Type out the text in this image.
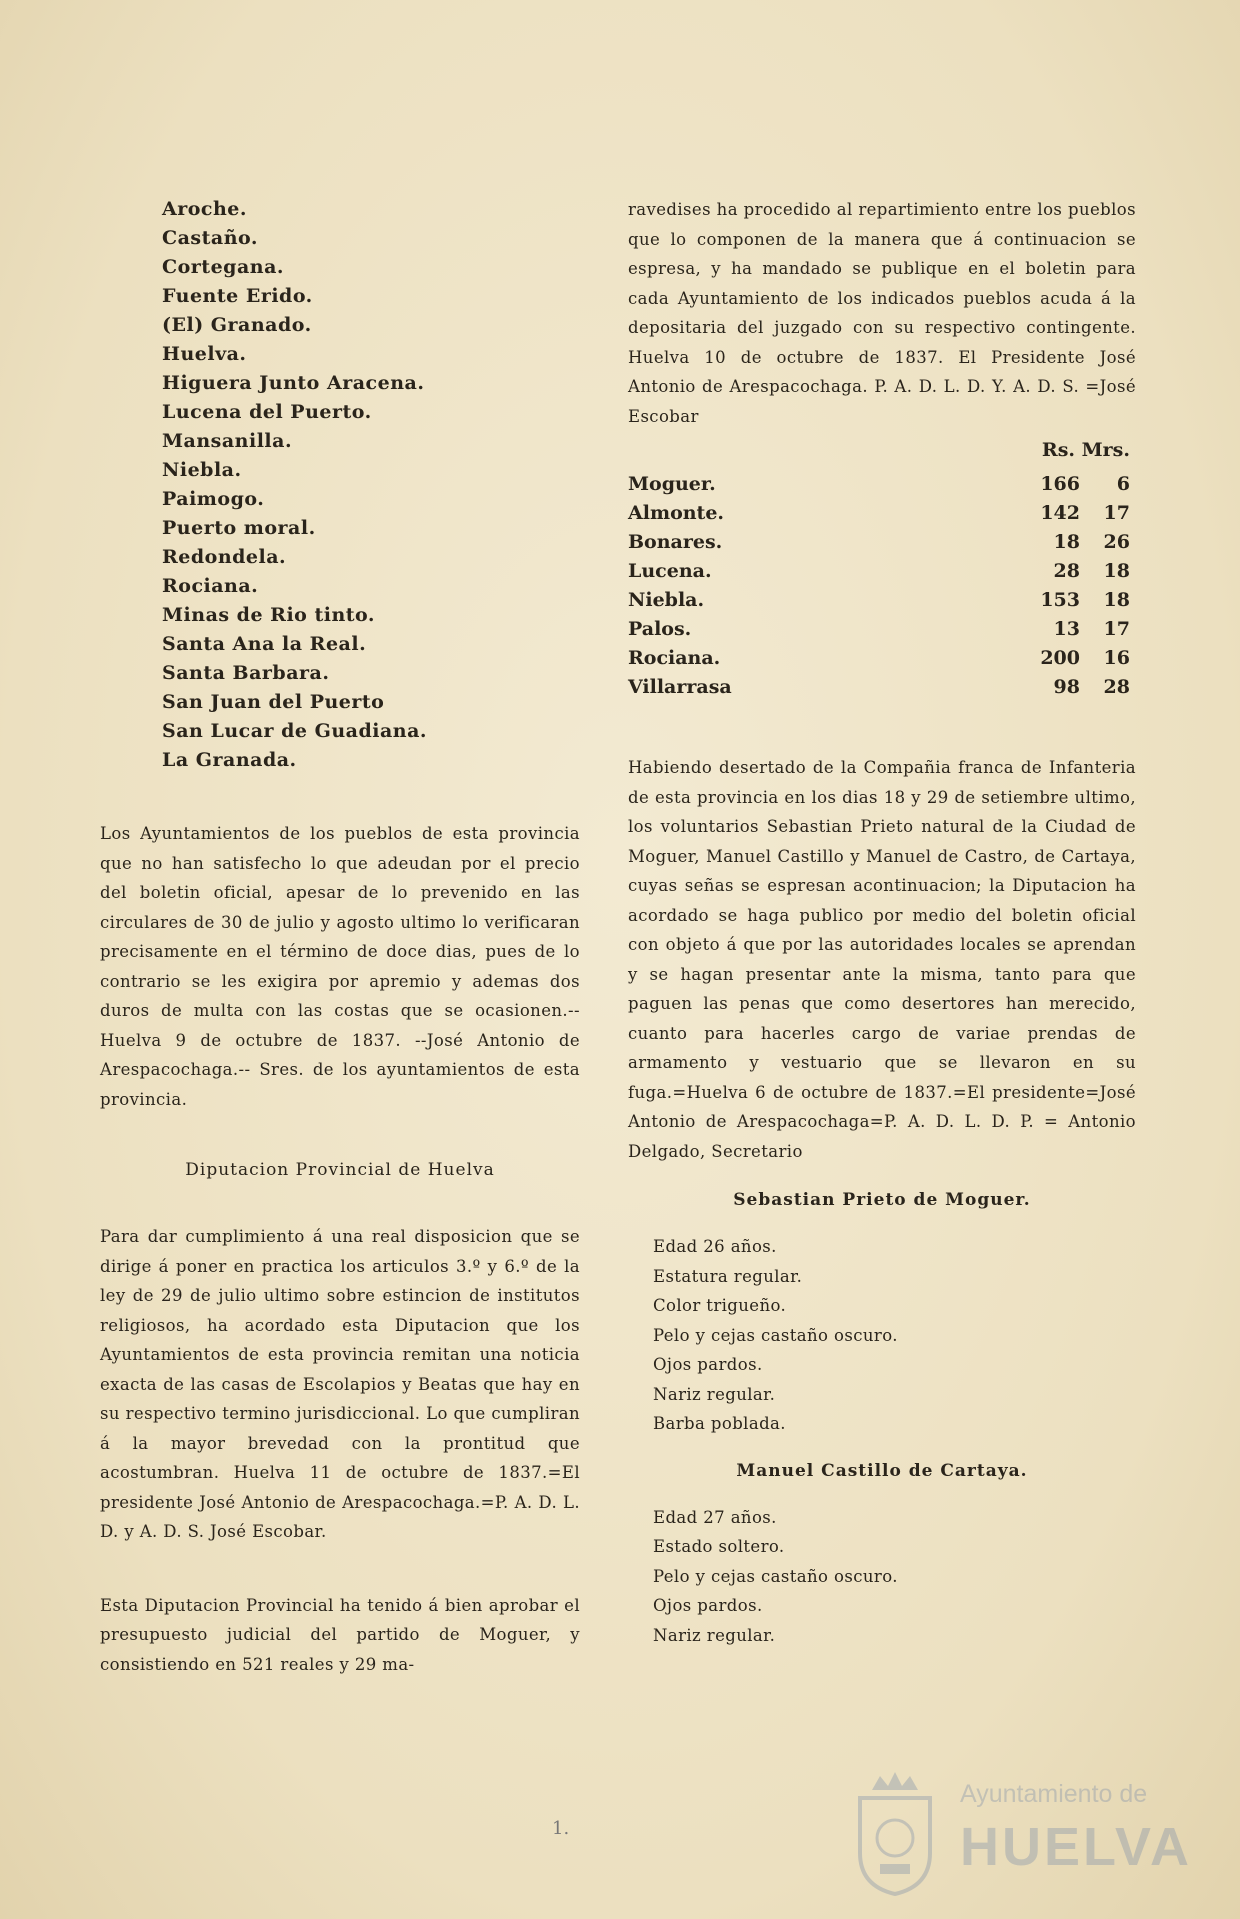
Aroche.
Castaño.
Cortegana.
Fuente Erido.
(El) Granado.
Huelva.
Higuera Junto Aracena.
Lucena del Puerto.
Mansanilla.
Niebla.
Paimogo.
Puerto moral.
Redondela.
Rociana.
Minas de Rio tinto.
Santa Ana la Real.
Santa Barbara.
San Juan del Puerto
San Lucar de Guadiana.
La Granada.

Los Ayuntamientos de los pueblos de esta provincia que no han satisfecho lo que adeudan por el precio del boletin oficial, apesar de lo prevenido en las circulares de 30 de julio y agosto ultimo lo verificaran precisamente en el término de doce dias, pues de lo contrario se les exigira por apremio y ademas dos duros de multa con las costas que se ocasionen.--Huelva 9 de octubre de 1837. --José Antonio de Arespacochaga.-- Sres. de los ayuntamientos de esta provincia.

Diputacion Provincial de Huelva

Para dar cumplimiento á una real disposicion que se dirige á poner en practica los articulos 3.º y 6.º de la ley de 29 de julio ultimo sobre estincion de institutos religiosos, ha acordado esta Diputacion que los Ayuntamientos de esta provincia remitan una noticia exacta de las casas de Escolapios y Beatas que hay en su respectivo termino jurisdiccional. Lo que cumpliran á la mayor brevedad con la prontitud que acostumbran. Huelva 11 de octubre de 1837.=El presidente José Antonio de Arespacochaga.=P. A. D. L. D. y A. D. S. José Escobar.

Esta Diputacion Provincial ha tenido á bien aprobar el presupuesto judicial del partido de Moguer, y consistiendo en 521 reales y 29 ma-

ravedises ha procedido al repartimiento entre los pueblos que lo componen de la manera que á continuacion se espresa, y ha mandado se publique en el boletin para cada Ayuntamiento de los indicados pueblos acuda á la depositaria del juzgado con su respectivo contingente. Huelva 10 de octubre de 1837. El Presidente José Antonio de Arespacochaga. P. A. D. L. D. Y. A. D. S. =José Escobar

Rs. Mrs.
Moguer.	166	6
Almonte.	142	17
Bonares.	18	26
Lucena.	28	18
Niebla.	153	18
Palos.	13	17
Rociana.	200	16
Villarrasa	98	28

Habiendo desertado de la Compañia franca de Infanteria de esta provincia en los dias 18 y 29 de setiembre ultimo, los voluntarios Sebastian Prieto natural de la Ciudad de Moguer, Manuel Castillo y Manuel de Castro, de Cartaya, cuyas señas se espresan acontinuacion; la Diputacion ha acordado se haga publico por medio del boletin oficial con objeto á que por las autoridades locales se aprendan y se hagan presentar ante la misma, tanto para que paguen las penas que como desertores han merecido, cuanto para hacerles cargo de variae prendas de armamento y vestuario que se llevaron en su fuga.=Huelva 6 de octubre de 1837.=El presidente=José Antonio de Arespacochaga=P. A. D. L. D. P. = Antonio Delgado, Secretario

Sebastian Prieto de Moguer.

Edad 26 años.
Estatura regular.
Color trigueño.
Pelo y cejas castaño oscuro.
Ojos pardos.
Nariz regular.
Barba poblada.

Manuel Castillo de Cartaya.

Edad 27 años.
Estado soltero.
Pelo y cejas castaño oscuro.
Ojos pardos.
Nariz regular.
1.
Ayuntamiento de
HUELVA
